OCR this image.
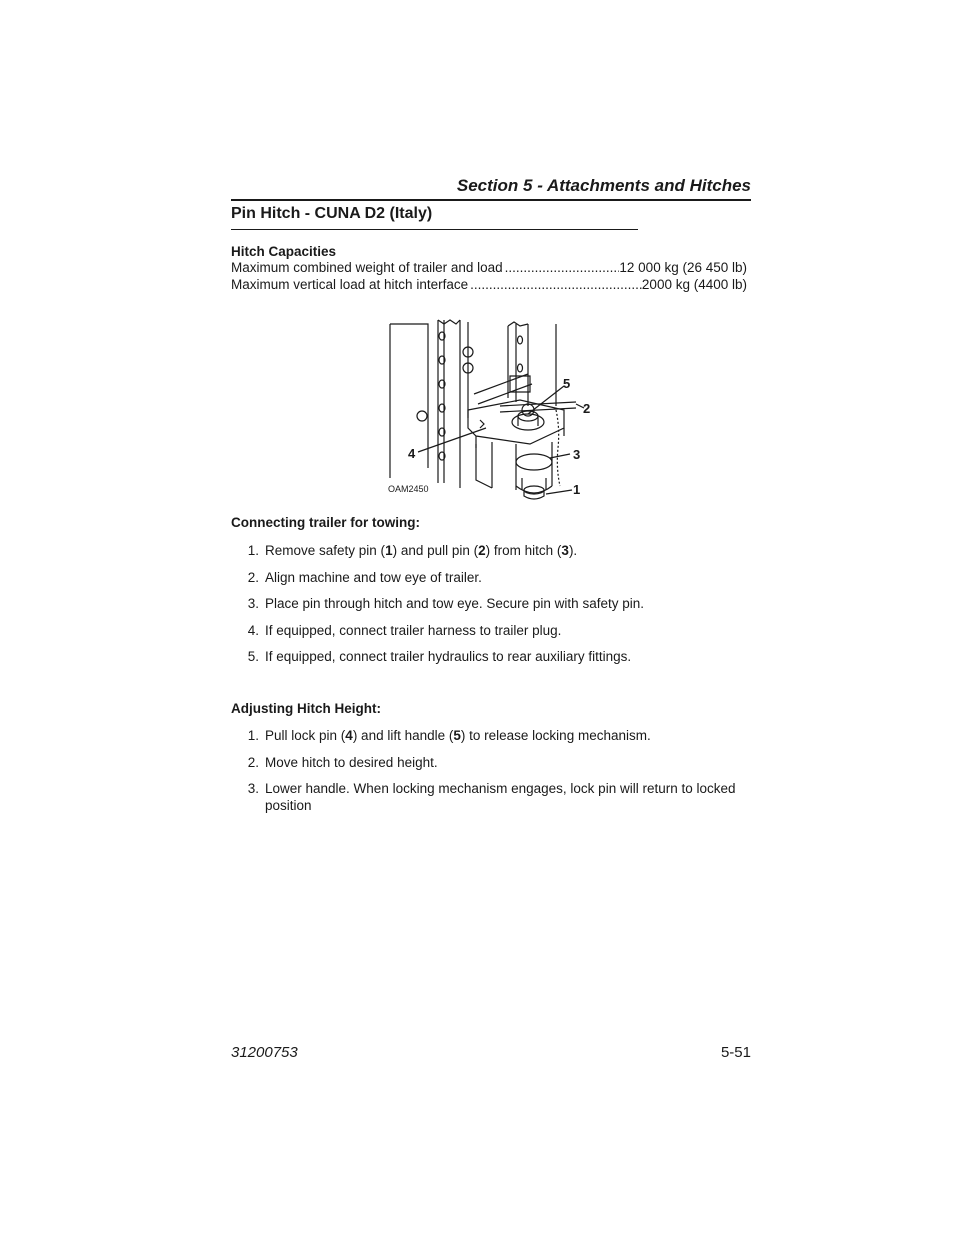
Section 5 - Attachments and Hitches
Pin Hitch - CUNA D2 (Italy)
Hitch Capacities
Maximum combined weight of trailer and load .....	12 000 kg (26 450 lb)
Maximum vertical load at hitch interface .....	2000 kg (4400 lb)
5
2
3
4
1
OAM2450
Connecting trailer for towing:
1 . Remove safety pin (1) and pull pin (2) from hitch (3).
2 . Align machine and tow eye of trailer.
3 . Place pin through hitch and tow eye. Secure pin with safety pin.
4 . If equipped, connect trailer harness to trailer plug.
5 . If equipped, connect trailer hydraulics to rear auxiliary fittings.
Adjusting Hitch Height:
1 . Pull lock pin (4) and lift handle (5) to release locking mechanism.
2 . Move hitch to desired height.
3 . Lower handle. When locking mechanism engages, lock pin will return to locked position
31200753	5-51
